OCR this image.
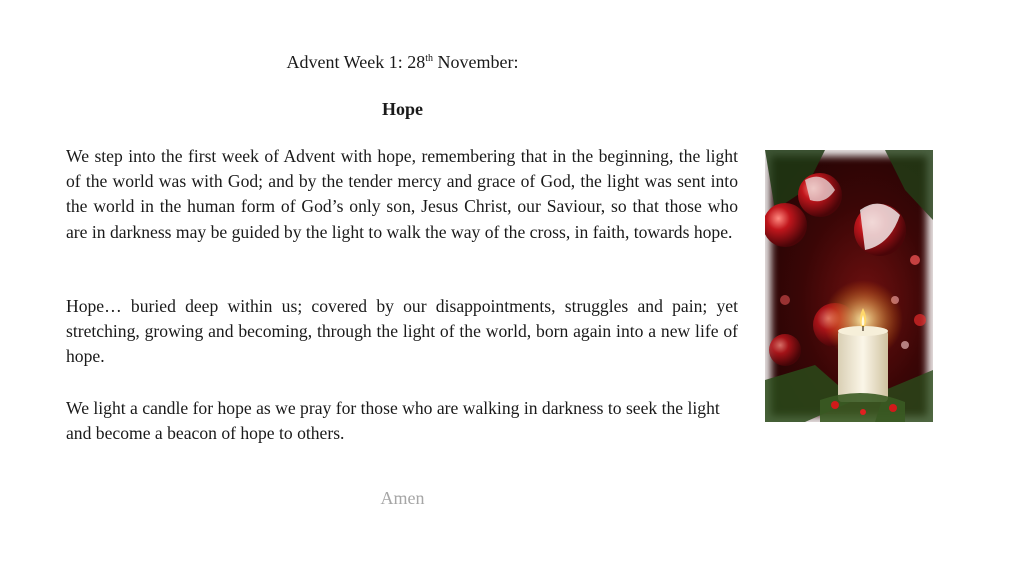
Advent Week 1: 28th November:
Hope

We step into the first week of Advent with hope, remembering that in the beginning, the light of the world was with God; and by the tender mercy and grace of God, the light was sent into the world in the human form of God’s only son, Jesus Christ, our Saviour, so that those who are in darkness may be guided by the light to walk the way of the cross, in faith, towards hope.

Hope… buried deep within us; covered by our disappointments, struggles and pain; yet stretching, growing and becoming, through the light of the world, born again into a new life of hope.

We light a candle for hope as we pray for those who are walking in darkness to seek the light and become a beacon of hope to others.

Amen
